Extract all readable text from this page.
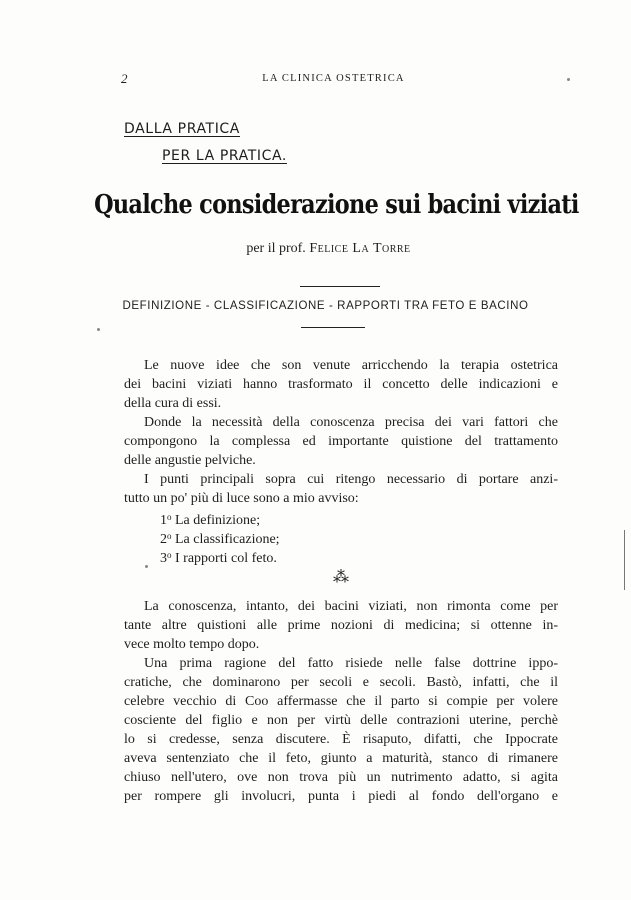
2	LA CLINICA OSTETRICA
DALLA PRATICA
PER LA PRATICA.
Qualche considerazione sui bacini viziati
per il prof. Felice La Torre
DEFINIZIONE - CLASSIFICAZIONE - RAPPORTI TRA FETO E BACINO
Le nuove idee che son venute arricchendo la terapia ostetrica
dei bacini viziati hanno trasformato il concetto delle indicazioni e
della cura di essi.
Donde la necessità della conoscenza precisa dei vari fattori che
compongono la complessa ed importante quistione del trattamento
delle angustie pelviche.
I punti principali sopra cui ritengo necessario di portare anzi-
tutto un po' più di luce sono a mio avviso:
1$^o$ La definizione;
2$^o$ La classificazione;
3$^o$ I rapporti col feto.
⁂
La conoscenza, intanto, dei bacini viziati, non rimonta come per
tante altre quistioni alle prime nozioni di medicina; si ottenne in-
vece molto tempo dopo.
Una prima ragione del fatto risiede nelle false dottrine ippo-
cratiche, che dominarono per secoli e secoli. Bastò, infatti, che il
celebre vecchio di Coo affermasse che il parto si compie per volere
cosciente del figlio e non per virtù delle contrazioni uterine, perchè
lo si credesse, senza discutere. È risaputo, difatti, che Ippocrate
aveva sentenziato che il feto, giunto a maturità, stanco di rimanere
chiuso nell'utero, ove non trova più un nutrimento adatto, si agita
per rompere gli involucri, punta i piedi al fondo dell'organo e
